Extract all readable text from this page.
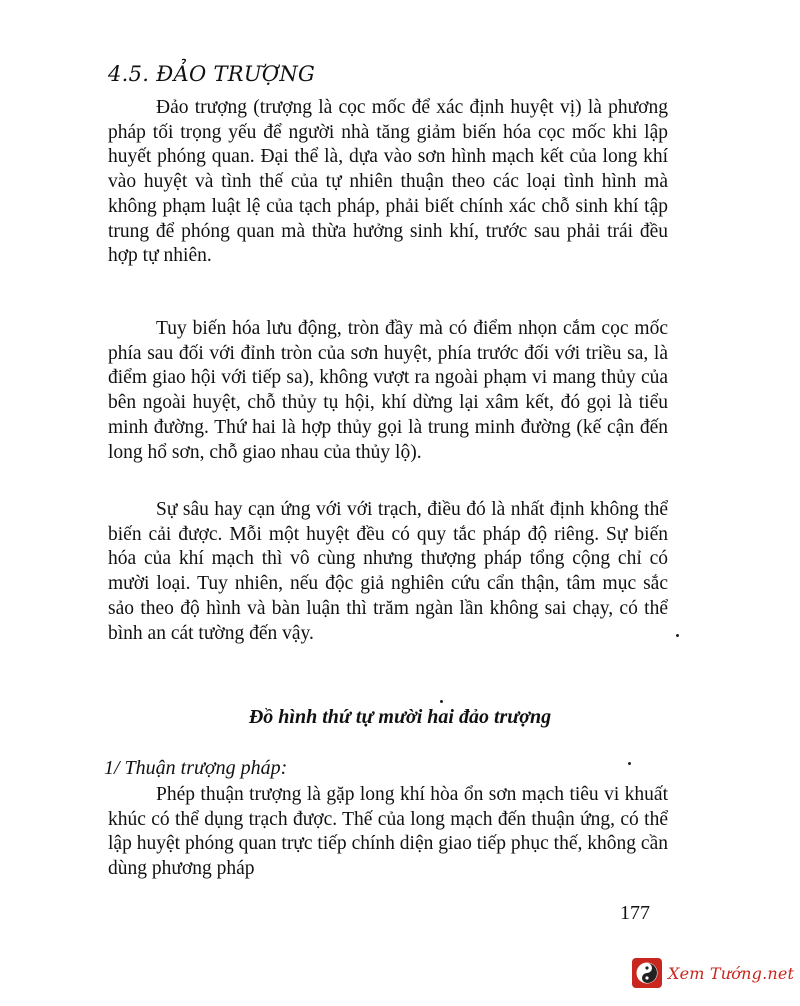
4.5. ĐẢO TRƯỢNG

Đảo trượng (trượng là cọc mốc để xác định huyệt vị) là phương pháp tối trọng yếu để người nhà tăng giảm biến hóa cọc mốc khi lập huyết phóng quan. Đại thể là, dựa vào sơn hình mạch kết của long khí vào huyệt và tình thế của tự nhiên thuận theo các loại tình hình mà không phạm luật lệ của tạch pháp, phải biết chính xác chỗ sinh khí tập trung để phóng quan mà thừa hưởng sinh khí, trước sau phải trái đều hợp tự nhiên.

Tuy biến hóa lưu động, tròn đầy mà có điểm nhọn cắm cọc mốc phía sau đối với đỉnh tròn của sơn huyệt, phía trước đối với triều sa, là điểm giao hội với tiếp sa), không vượt ra ngoài phạm vi mang thủy của bên ngoài huyệt, chỗ thủy tụ hội, khí dừng lại xâm kết, đó gọi là tiểu minh đường. Thứ hai là hợp thủy gọi là trung minh đường (kế cận đến long hổ sơn, chỗ giao nhau của thủy lộ).

Sự sâu hay cạn ứng với với trạch, điều đó là nhất định không thể biến cải được. Mỗi một huyệt đều có quy tắc pháp độ riêng. Sự biến hóa của khí mạch thì vô cùng nhưng thượng pháp tổng cộng chỉ có mười loại. Tuy nhiên, nếu độc giả nghiên cứu cẩn thận, tâm mục sắc sảo theo độ hình và bàn luận thì trăm ngàn lần không sai chạy, có thể bình an cát tường đến vậy.

Đồ hình thứ tự mười hai đảo trượng
1/ Thuận trượng pháp:

Phép thuận trượng là gặp long khí hòa ổn sơn mạch tiêu vi khuất khúc có thể dụng trạch được. Thế của long mạch đến thuận ứng, có thể lập huyệt phóng quan trực tiếp chính diện giao tiếp phục thế, không cần dùng phương pháp

177
Xem Tướng.net
